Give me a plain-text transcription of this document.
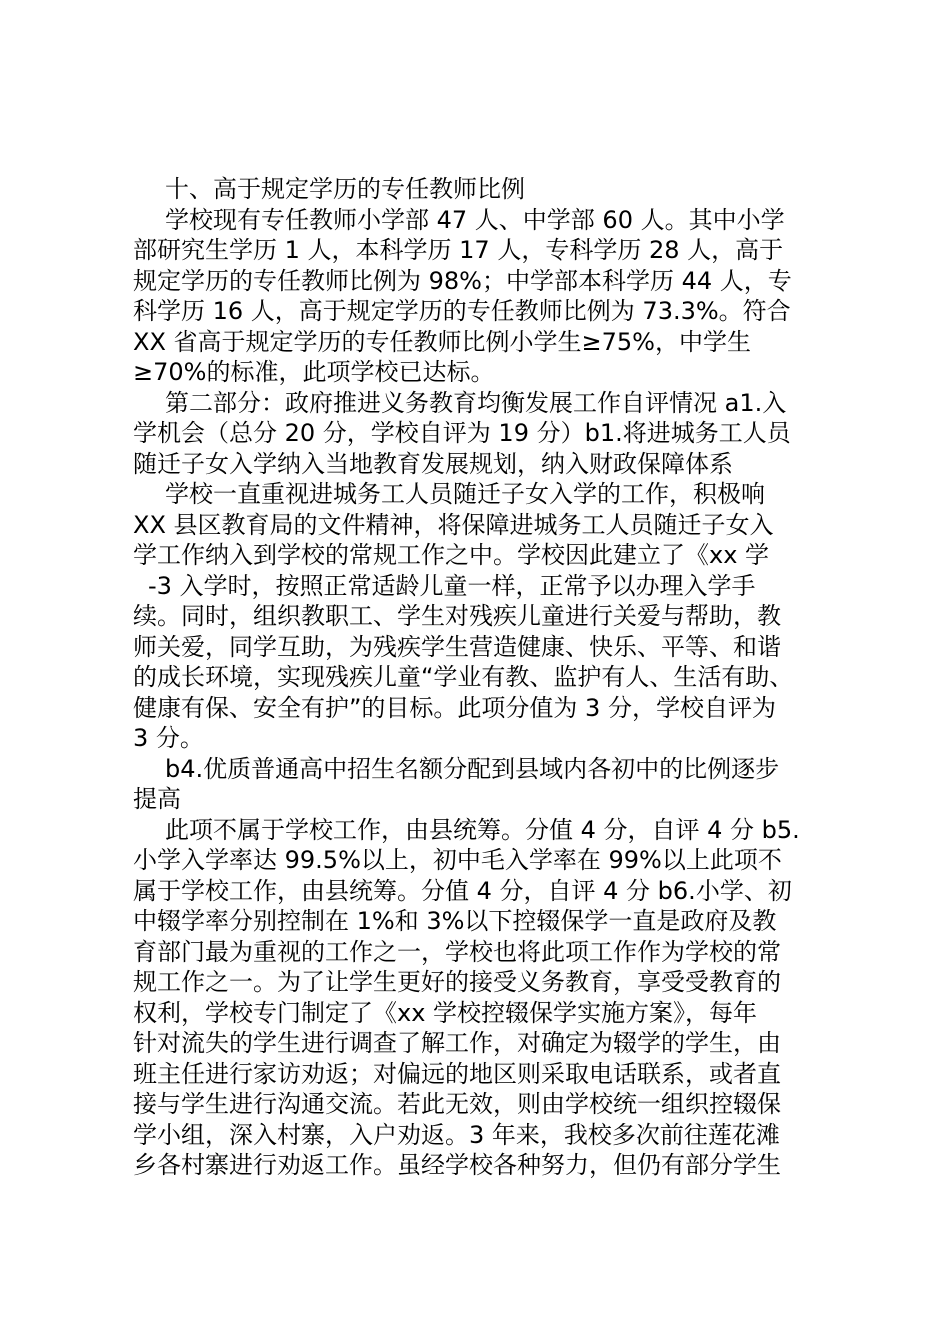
十、高于规定学历的专任教师比例
学校现有专任教师小学部 47 人、中学部 60 人。其中小学
部研究生学历 1 人，本科学历 17 人，专科学历 28 人，高于
规定学历的专任教师比例为 98%；中学部本科学历 44 人，专
科学历 16 人，高于规定学历的专任教师比例为 73.3%。符合
XX 省高于规定学历的专任教师比例小学生≥75%，中学生
≥70%的标准，此项学校已达标。
第二部分：政府推进义务教育均衡发展工作自评情况 a1.入
学机会（总分 20 分，学校自评为 19 分）b1.将进城务工人员
随迁子女入学纳入当地教育发展规划，纳入财政保障体系
学校一直重视进城务工人员随迁子女入学的工作，积极响
XX 县区教育局的文件精神，将保障进城务工人员随迁子女入
学工作纳入到学校的常规工作之中。学校因此建立了《xx 学
-3 入学时，按照正常适龄儿童一样，正常予以办理入学手
续。同时，组织教职工、学生对残疾儿童进行关爱与帮助，教
师关爱，同学互助，为残疾学生营造健康、快乐、平等、和谐
的成长环境，实现残疾儿童“学业有教、监护有人、生活有助、
健康有保、安全有护”的目标。此项分值为 3 分，学校自评为
3 分。
b4.优质普通高中招生名额分配到县域内各初中的比例逐步
提高
此项不属于学校工作，由县统筹。分值 4 分，自评 4 分 b5.
小学入学率达 99.5%以上，初中毛入学率在 99%以上此项不
属于学校工作，由县统筹。分值 4 分，自评 4 分 b6.小学、初
中辍学率分别控制在 1%和 3%以下控辍保学一直是政府及教
育部门最为重视的工作之一，学校也将此项工作作为学校的常
规工作之一。为了让学生更好的接受义务教育，享受受教育的
权利，学校专门制定了《xx 学校控辍保学实施方案》，每年
针对流失的学生进行调查了解工作，对确定为辍学的学生，由
班主任进行家访劝返；对偏远的地区则采取电话联系，或者直
接与学生进行沟通交流。若此无效，则由学校统一组织控辍保
学小组，深入村寨，入户劝返。3 年来，我校多次前往莲花滩
乡各村寨进行劝返工作。虽经学校各种努力，但仍有部分学生
